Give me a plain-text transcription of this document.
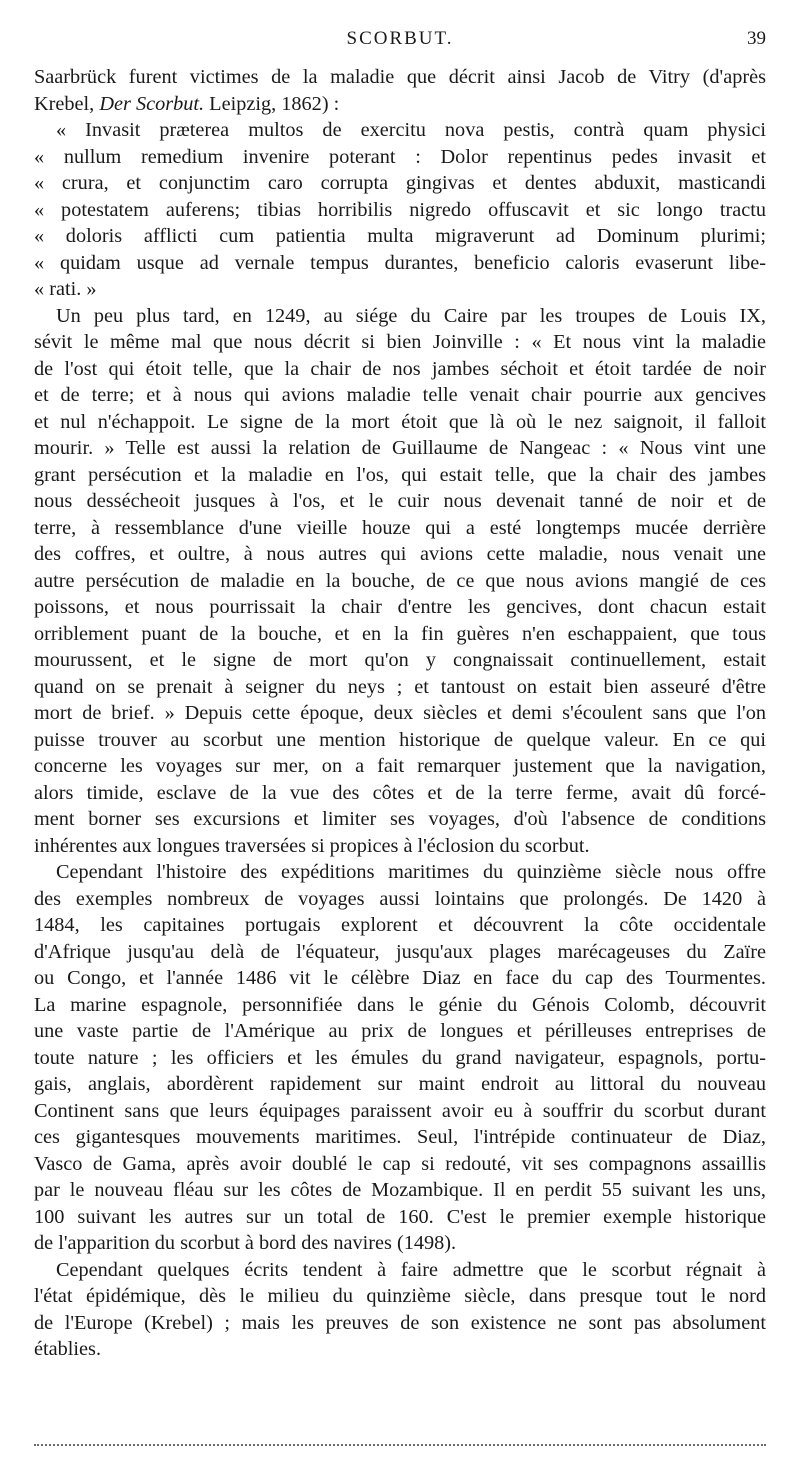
SCORBUT.	39
Saarbrück furent victimes de la maladie que décrit ainsi Jacob de Vitry (d'après
Krebel, Der Scorbut. Leipzig, 1862) :
« Invasit præterea multos de exercitu nova pestis, contrà quam physici
« nullum remedium invenire poterant : Dolor repentinus pedes invasit et
« crura, et conjunctim caro corrupta gingivas et dentes abduxit, masticandi
« potestatem auferens; tibias horribilis nigredo offuscavit et sic longo tractu
« doloris afflicti cum patientia multa migraverunt ad Dominum plurimi;
« quidam usque ad vernale tempus durantes, beneficio caloris evaserunt libe-
« rati. »
Un peu plus tard, en 1249, au siége du Caire par les troupes de Louis IX,
sévit le même mal que nous décrit si bien Joinville : « Et nous vint la maladie
de l'ost qui étoit telle, que la chair de nos jambes séchoit et étoit tardée de noir
et de terre; et à nous qui avions maladie telle venait chair pourrie aux gencives
et nul n'échappoit. Le signe de la mort étoit que là où le nez saignoit, il falloit
mourir. » Telle est aussi la relation de Guillaume de Nangeac : « Nous vint une
grant persécution et la maladie en l'os, qui estait telle, que la chair des jambes
nous dessécheoit jusques à l'os, et le cuir nous devenait tanné de noir et de
terre, à ressemblance d'une vieille houze qui a esté longtemps mucée derrière
des coffres, et oultre, à nous autres qui avions cette maladie, nous venait une
autre persécution de maladie en la bouche, de ce que nous avions mangié de ces
poissons, et nous pourrissait la chair d'entre les gencives, dont chacun estait
orriblement puant de la bouche, et en la fin guères n'en eschappaient, que tous
mourussent, et le signe de mort qu'on y congnaissait continuellement, estait
quand on se prenait à seigner du neys ; et tantoust on estait bien asseuré d'être
mort de brief. » Depuis cette époque, deux siècles et demi s'écoulent sans que l'on
puisse trouver au scorbut une mention historique de quelque valeur. En ce qui
concerne les voyages sur mer, on a fait remarquer justement que la navigation,
alors timide, esclave de la vue des côtes et de la terre ferme, avait dû forcé-
ment borner ses excursions et limiter ses voyages, d'où l'absence de conditions
inhérentes aux longues traversées si propices à l'éclosion du scorbut.
Cependant l'histoire des expéditions maritimes du quinzième siècle nous offre
des exemples nombreux de voyages aussi lointains que prolongés. De 1420 à
1484, les capitaines portugais explorent et découvrent la côte occidentale
d'Afrique jusqu'au delà de l'équateur, jusqu'aux plages marécageuses du Zaïre
ou Congo, et l'année 1486 vit le célèbre Diaz en face du cap des Tourmentes.
La marine espagnole, personnifiée dans le génie du Génois Colomb, découvrit
une vaste partie de l'Amérique au prix de longues et périlleuses entreprises de
toute nature ; les officiers et les émules du grand navigateur, espagnols, portu-
gais, anglais, abordèrent rapidement sur maint endroit au littoral du nouveau
Continent sans que leurs équipages paraissent avoir eu à souffrir du scorbut durant
ces gigantesques mouvements maritimes. Seul, l'intrépide continuateur de Diaz,
Vasco de Gama, après avoir doublé le cap si redouté, vit ses compagnons assaillis
par le nouveau fléau sur les côtes de Mozambique. Il en perdit 55 suivant les uns,
100 suivant les autres sur un total de 160. C'est le premier exemple historique
de l'apparition du scorbut à bord des navires (1498).
Cependant quelques écrits tendent à faire admettre que le scorbut régnait à
l'état épidémique, dès le milieu du quinzième siècle, dans presque tout le nord
de l'Europe (Krebel) ; mais les preuves de son existence ne sont pas absolument
établies.
